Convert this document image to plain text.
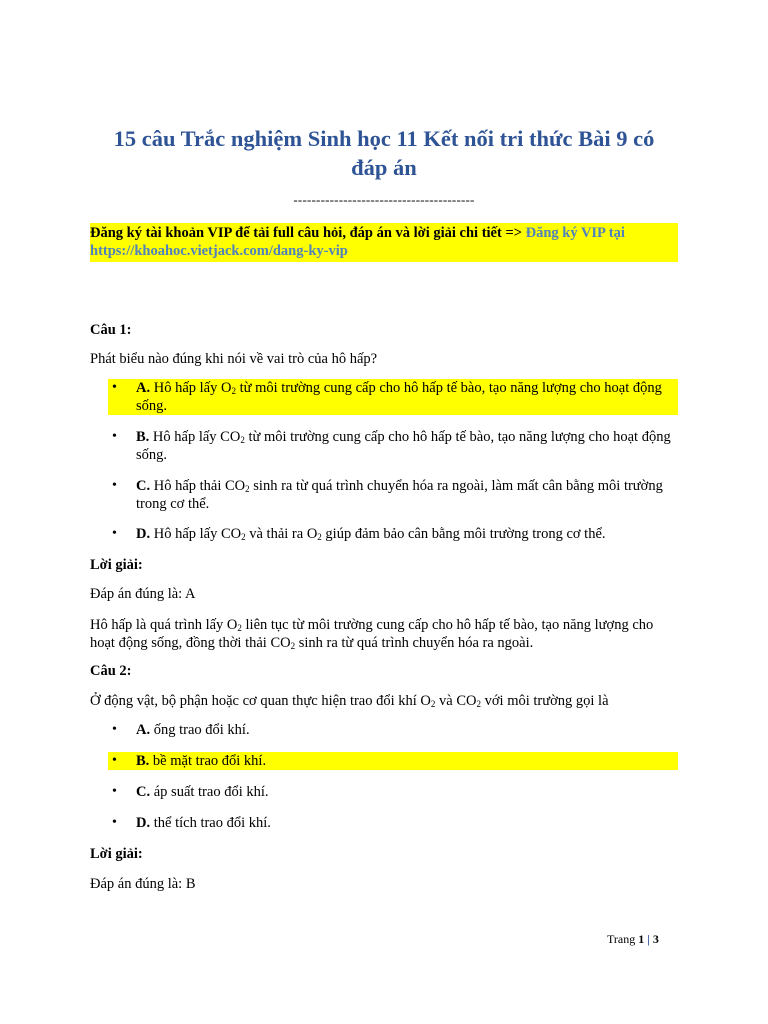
15 câu Trắc nghiệm Sinh học 11 Kết nối tri thức Bài 9 có
đáp án
----------------------------------------
Đăng ký tài khoản VIP để tải full câu hỏi, đáp án và lời giải chi tiết => Đăng ký VIP tại https://khoahoc.vietjack.com/dang-ky-vip
Câu 1:
Phát biểu nào đúng khi nói về vai trò của hô hấp?
• A. Hô hấp lấy $O_2$ từ môi trường cung cấp cho hô hấp tế bào, tạo năng lượng cho hoạt động sống.
• B. Hô hấp lấy $CO_2$ từ môi trường cung cấp cho hô hấp tế bào, tạo năng lượng cho hoạt động sống.
• C. Hô hấp thải $CO_2$ sinh ra từ quá trình chuyển hóa ra ngoài, làm mất cân bằng môi trường trong cơ thể.
• D. Hô hấp lấy $CO_2$ và thải ra $O_2$ giúp đảm bảo cân bằng môi trường trong cơ thể.
Lời giải:
Đáp án đúng là: A
Hô hấp là quá trình lấy $O_2$ liên tục từ môi trường cung cấp cho hô hấp tế bào, tạo năng lượng cho hoạt động sống, đồng thời thải $CO_2$ sinh ra từ quá trình chuyển hóa ra ngoài.
Câu 2:
Ở động vật, bộ phận hoặc cơ quan thực hiện trao đổi khí $O_2$ và $CO_2$ với môi trường gọi là
• A. ống trao đổi khí.
• B. bề mặt trao đổi khí.
• C. áp suất trao đổi khí.
• D. thể tích trao đổi khí.
Lời giải:
Đáp án đúng là: B
Trang 1 | 3
